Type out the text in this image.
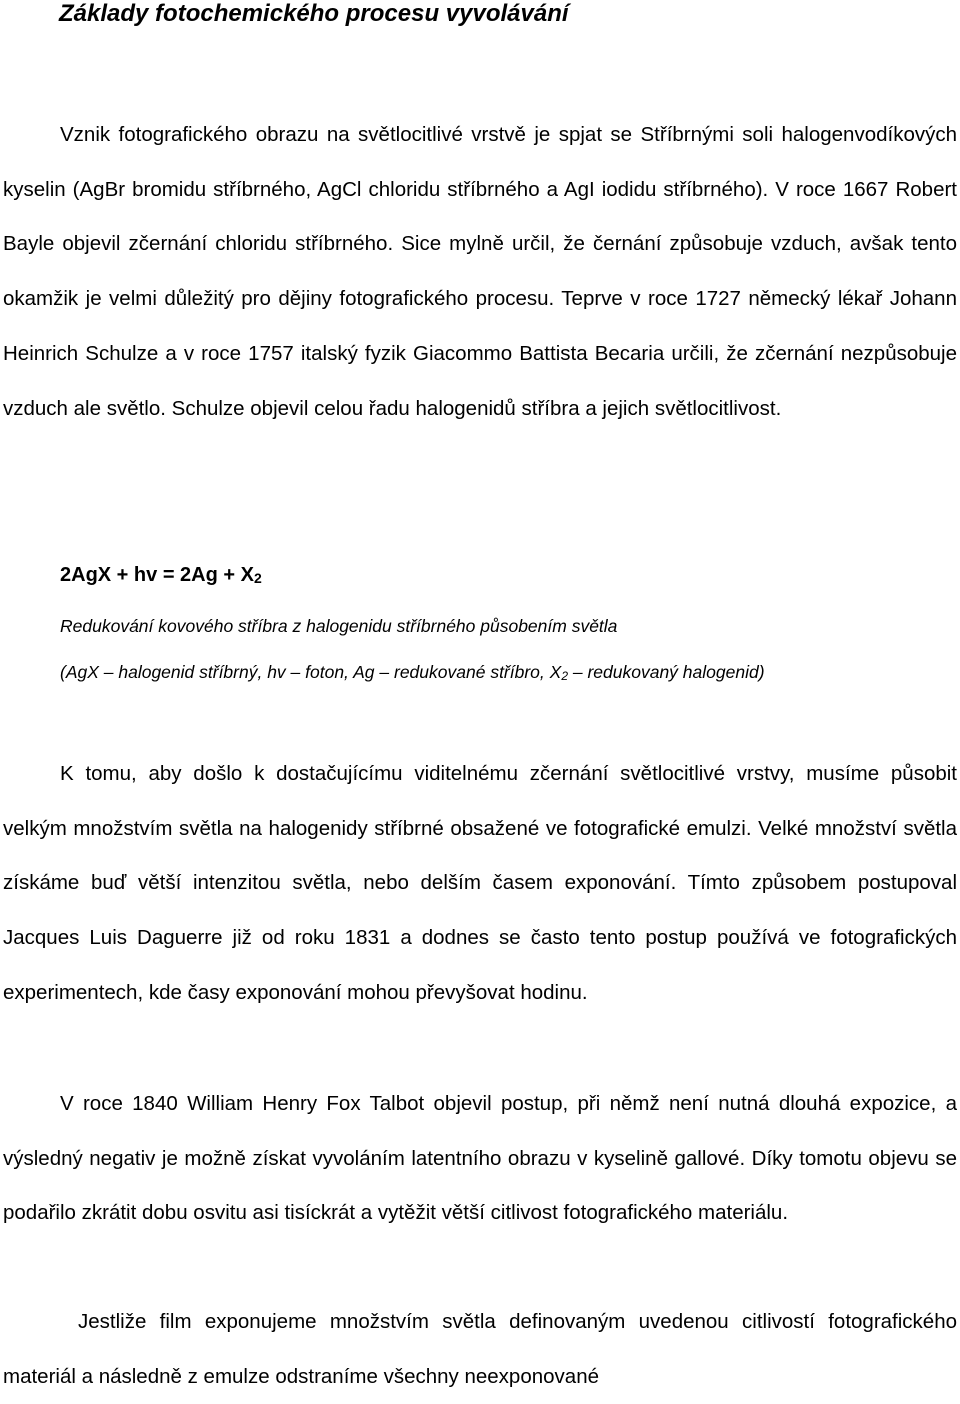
Základy fotochemického procesu vyvolávání

Vznik fotografického obrazu na světlocitlivé vrstvě je spjat se Stříbrnými soli halogenvodíkových kyselin (AgBr bromidu stříbrného, AgCl chloridu stříbrného a AgI iodidu stříbrného). V roce 1667 Robert Bayle objevil zčernání chloridu stříbrného. Sice mylně určil, že černání způsobuje vzduch, avšak tento okamžik je velmi důležitý pro dějiny fotografického procesu. Teprve v roce 1727 německý lékař Johann Heinrich Schulze a v roce 1757 italský fyzik Giacommo Battista Becaria určili, že zčernání nezpůsobuje vzduch ale světlo. Schulze objevil celou řadu halogenidů stříbra a jejich světlocitlivost.

2AgX + hv = 2Ag + X2
Redukování kovového stříbra z halogenidu stříbrného působením světla
(AgX – halogenid stříbrný, hv – foton, Ag – redukované stříbro, X2 – redukovaný halogenid)

K tomu, aby došlo k dostačujícímu viditelnému zčernání světlocitlivé vrstvy, musíme působit velkým množstvím světla na halogenidy stříbrné obsažené ve fotografické emulzi. Velké množství světla získáme buď větší intenzitou světla, nebo delším časem exponování. Tímto způsobem postupoval Jacques Luis Daguerre již od roku 1831 a dodnes se často tento postup používá ve fotografických experimentech, kde časy exponování mohou převyšovat hodinu.

V roce 1840 William Henry Fox Talbot objevil postup, při němž není nutná dlouhá expozice, a výsledný negativ je možně získat vyvoláním latentního obrazu v kyselině gallové. Díky tomotu objevu se podařilo zkrátit dobu osvitu asi tisíckrát a vytěžit větší citlivost fotografického materiálu.

Jestliže film exponujeme množstvím světla definovaným uvedenou citlivostí fotografického materiál a následně z emulze odstraníme všechny neexponované
